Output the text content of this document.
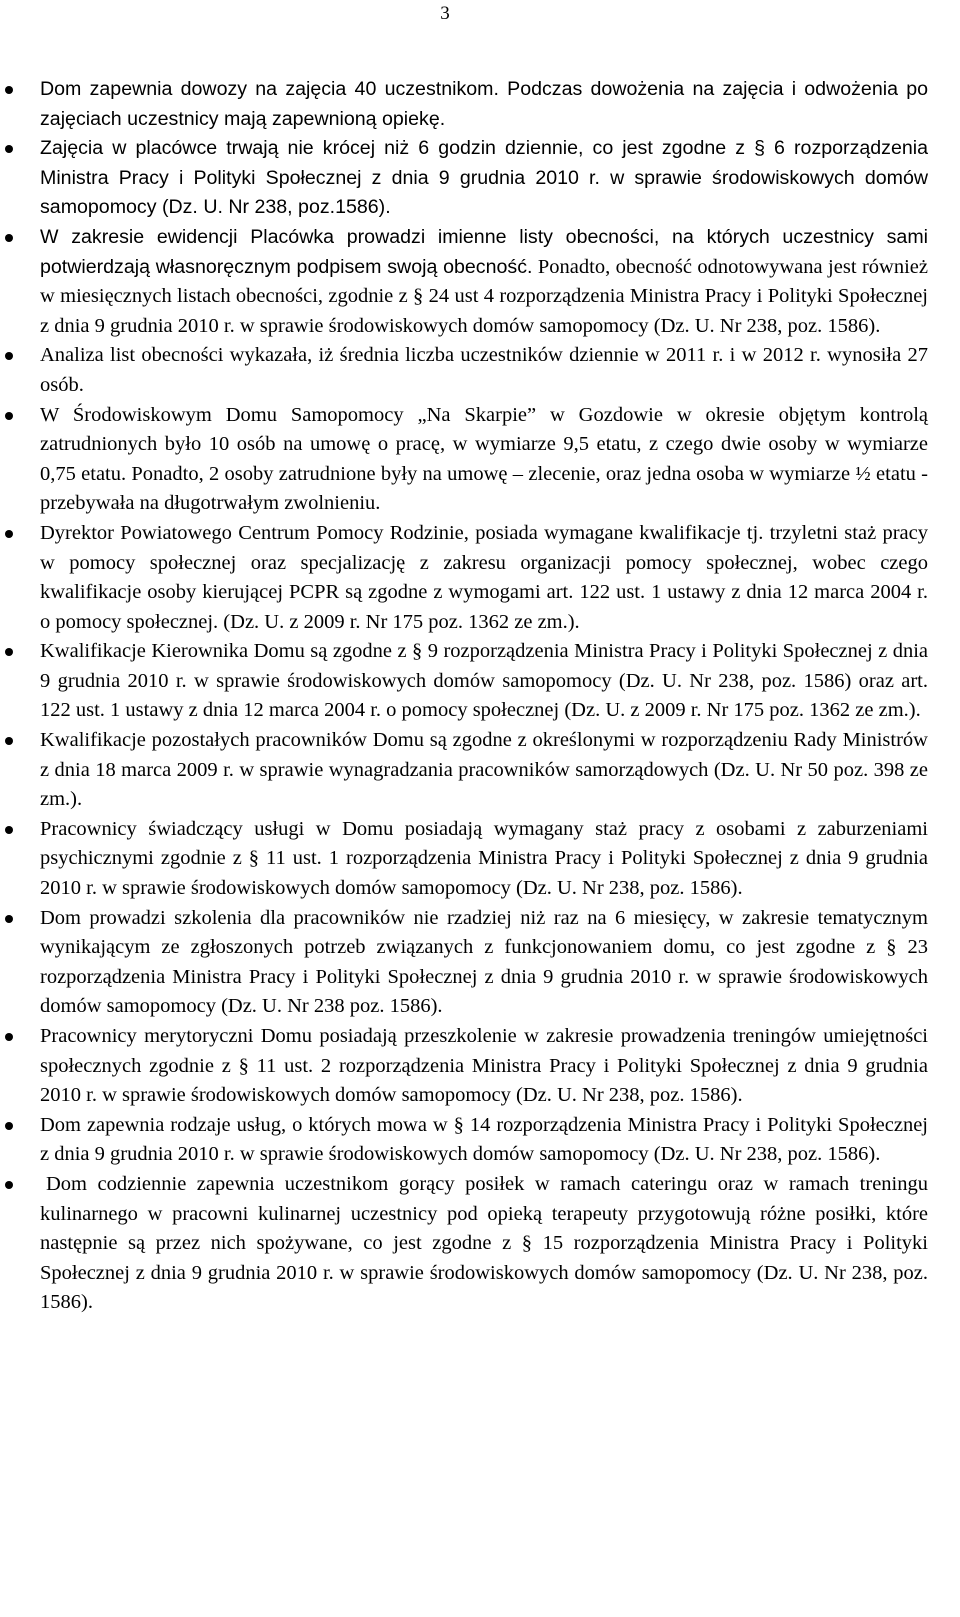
3
Dom zapewnia dowozy na zajęcia 40 uczestnikom. Podczas dowożenia na zajęcia i odwożenia po zajęciach uczestnicy mają zapewnioną opiekę.
Zajęcia w placówce trwają nie krócej niż 6 godzin dziennie, co jest zgodne z § 6 rozporządzenia Ministra Pracy i Polityki Społecznej z dnia 9 grudnia 2010 r. w sprawie środowiskowych domów samopomocy (Dz. U. Nr 238, poz.1586).
W zakresie ewidencji Placówka prowadzi imienne listy obecności, na których uczestnicy sami potwierdzają własnoręcznym podpisem swoją obecność. Ponadto, obecność odnotowywana jest również w miesięcznych listach obecności, zgodnie z § 24 ust 4 rozporządzenia Ministra Pracy i Polityki Społecznej z dnia 9 grudnia 2010 r. w sprawie środowiskowych domów samopomocy (Dz. U. Nr 238, poz. 1586).
Analiza list obecności wykazała, iż średnia liczba uczestników dziennie w 2011 r. i w 2012 r. wynosiła 27 osób.
W Środowiskowym Domu Samopomocy „Na Skarpie” w Gozdowie w okresie objętym kontrolą zatrudnionych było 10 osób na umowę o pracę, w wymiarze 9,5 etatu, z czego dwie osoby w wymiarze 0,75 etatu. Ponadto, 2 osoby zatrudnione były na umowę – zlecenie, oraz jedna osoba w wymiarze ½ etatu - przebywała na długotrwałym zwolnieniu.
Dyrektor Powiatowego Centrum Pomocy Rodzinie, posiada wymagane kwalifikacje tj. trzyletni staż pracy w pomocy społecznej oraz specjalizację z zakresu organizacji pomocy społecznej, wobec czego kwalifikacje osoby kierującej PCPR są zgodne z wymogami art. 122 ust. 1 ustawy z dnia 12 marca 2004 r. o pomocy społecznej. (Dz. U. z 2009 r. Nr 175 poz. 1362 ze zm.).
Kwalifikacje Kierownika Domu są zgodne z § 9 rozporządzenia Ministra Pracy i Polityki Społecznej z dnia 9 grudnia 2010 r. w sprawie środowiskowych domów samopomocy (Dz. U. Nr 238, poz. 1586) oraz art. 122 ust. 1 ustawy z dnia 12 marca 2004 r. o pomocy społecznej (Dz. U. z 2009 r. Nr 175 poz. 1362 ze zm.).
Kwalifikacje pozostałych pracowników Domu są zgodne z określonymi w rozporządzeniu Rady Ministrów z dnia 18 marca 2009 r. w sprawie wynagradzania pracowników samorządowych (Dz. U. Nr 50 poz. 398 ze zm.).
Pracownicy świadczący usługi w Domu posiadają wymagany staż pracy z osobami z zaburzeniami psychicznymi zgodnie z § 11 ust. 1 rozporządzenia Ministra Pracy i Polityki Społecznej z dnia 9 grudnia 2010 r. w sprawie środowiskowych domów samopomocy (Dz. U. Nr 238, poz. 1586).
Dom prowadzi szkolenia dla pracowników nie rzadziej niż raz na 6 miesięcy, w zakresie tematycznym wynikającym ze zgłoszonych potrzeb związanych z funkcjonowaniem domu, co jest zgodne z § 23 rozporządzenia Ministra Pracy i Polityki Społecznej z dnia 9 grudnia 2010 r. w sprawie środowiskowych domów samopomocy (Dz. U. Nr 238 poz. 1586).
Pracownicy merytoryczni Domu posiadają przeszkolenie w zakresie prowadzenia treningów umiejętności społecznych zgodnie z § 11 ust. 2 rozporządzenia Ministra Pracy i Polityki Społecznej z dnia 9 grudnia 2010 r. w sprawie środowiskowych domów samopomocy (Dz. U. Nr 238, poz. 1586).
Dom zapewnia rodzaje usług, o których mowa w § 14 rozporządzenia Ministra Pracy i Polityki Społecznej z dnia 9 grudnia 2010 r. w sprawie środowiskowych domów samopomocy (Dz. U. Nr 238, poz. 1586).
Dom codziennie zapewnia uczestnikom gorący posiłek w ramach cateringu oraz w ramach treningu kulinarnego w pracowni kulinarnej uczestnicy pod opieką terapeuty przygotowują różne posiłki, które następnie są przez nich spożywane, co jest zgodne z § 15 rozporządzenia Ministra Pracy i Polityki Społecznej z dnia 9 grudnia 2010 r. w sprawie środowiskowych domów samopomocy (Dz. U. Nr 238, poz. 1586).
